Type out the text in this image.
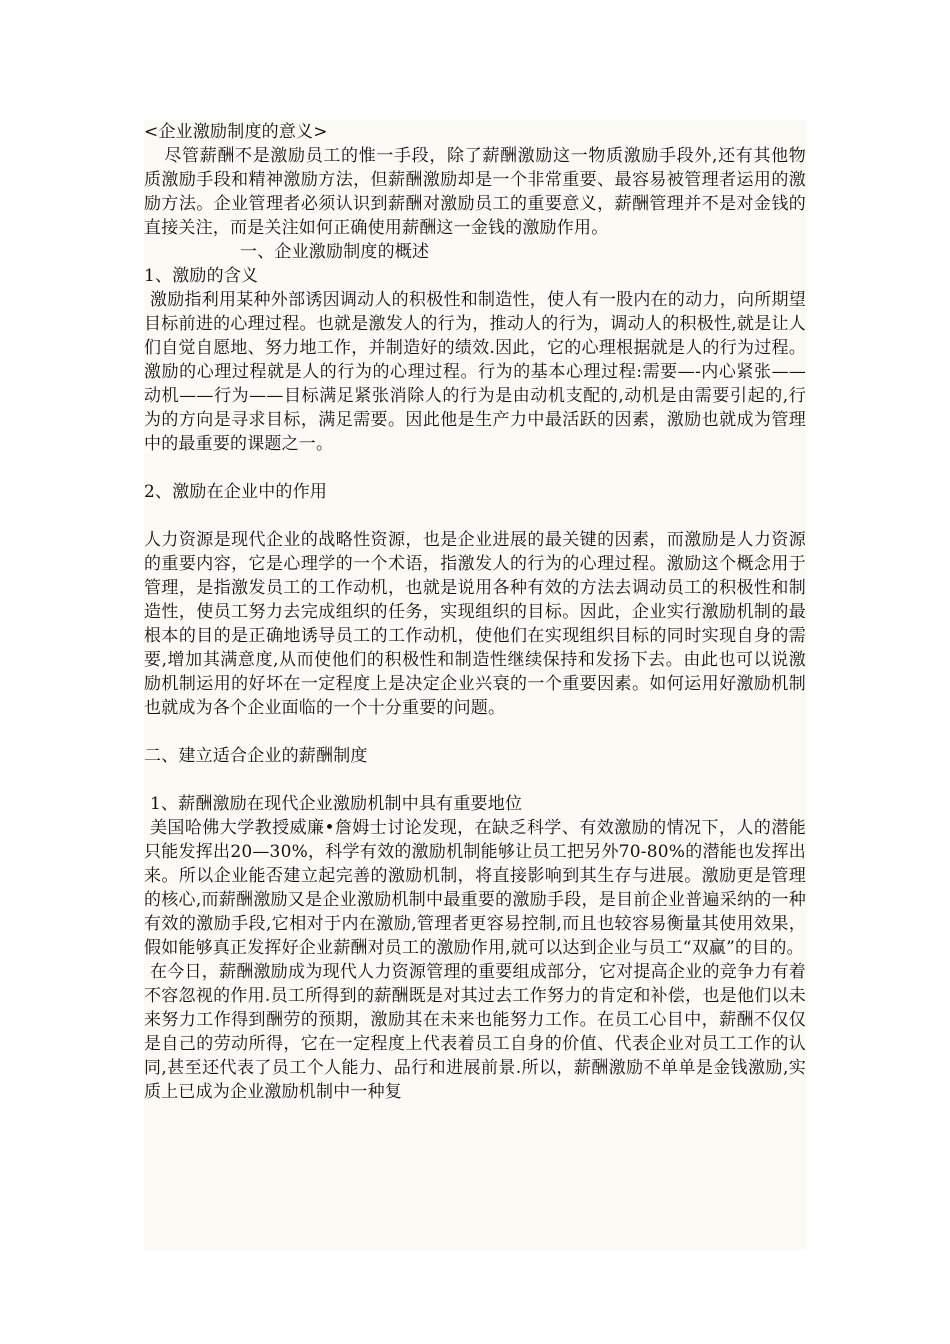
<企业激励制度的意义>

尽管薪酬不是激励员工的惟一手段，除了薪酬激励这一物质激励手段外,还有其他物质激励手段和精神激励方法，但薪酬激励却是一个非常重要、最容易被管理者运用的激励方法。企业管理者必须认识到薪酬对激励员工的重要意义，薪酬管理并不是对金钱的直接关注，而是关注如何正确使用薪酬这一金钱的激励作用。

一、企业激励制度的概述

1、激励的含义

激励指利用某种外部诱因调动人的积极性和制造性，使人有一股内在的动力，向所期望目标前进的心理过程。也就是激发人的行为，推动人的行为，调动人的积极性,就是让人们自觉自愿地、努力地工作，并制造好的绩效.因此，它的心理根据就是人的行为过程。激励的心理过程就是人的行为的心理过程。行为的基本心理过程:需要—-内心紧张——动机——行为——目标满足紧张消除人的行为是由动机支配的,动机是由需要引起的,行为的方向是寻求目标，满足需要。因此他是生产力中最活跃的因素，激励也就成为管理中的最重要的课题之一。

2、激励在企业中的作用

人力资源是现代企业的战略性资源，也是企业进展的最关键的因素，而激励是人力资源的重要内容，它是心理学的一个术语，指激发人的行为的心理过程。激励这个概念用于管理，是指激发员工的工作动机，也就是说用各种有效的方法去调动员工的积极性和制造性，使员工努力去完成组织的任务，实现组织的目标。因此，企业实行激励机制的最根本的目的是正确地诱导员工的工作动机，使他们在实现组织目标的同时实现自身的需要,增加其满意度,从而使他们的积极性和制造性继续保持和发扬下去。由此也可以说激励机制运用的好坏在一定程度上是决定企业兴衰的一个重要因素。如何运用好激励机制也就成为各个企业面临的一个十分重要的问题。

二、建立适合企业的薪酬制度

1、薪酬激励在现代企业激励机制中具有重要地位

美国哈佛大学教授威廉•詹姆士讨论发现，在缺乏科学、有效激励的情况下，人的潜能只能发挥出20—30%，科学有效的激励机制能够让员工把另外70-80%的潜能也发挥出来。所以企业能否建立起完善的激励机制，将直接影响到其生存与进展。激励更是管理的核心,而薪酬激励又是企业激励机制中最重要的激励手段，是目前企业普遍采纳的一种有效的激励手段,它相对于内在激励,管理者更容易控制,而且也较容易衡量其使用效果，假如能够真正发挥好企业薪酬对员工的激励作用,就可以达到企业与员工“双赢”的目的。

在今日，薪酬激励成为现代人力资源管理的重要组成部分，它对提高企业的竞争力有着不容忽视的作用.员工所得到的薪酬既是对其过去工作努力的肯定和补偿，也是他们以未来努力工作得到酬劳的预期，激励其在未来也能努力工作。在员工心目中，薪酬不仅仅是自己的劳动所得，它在一定程度上代表着员工自身的价值、代表企业对员工工作的认同,甚至还代表了员工个人能力、品行和进展前景.所以，薪酬激励不单单是金钱激励,实质上已成为企业激励机制中一种复
